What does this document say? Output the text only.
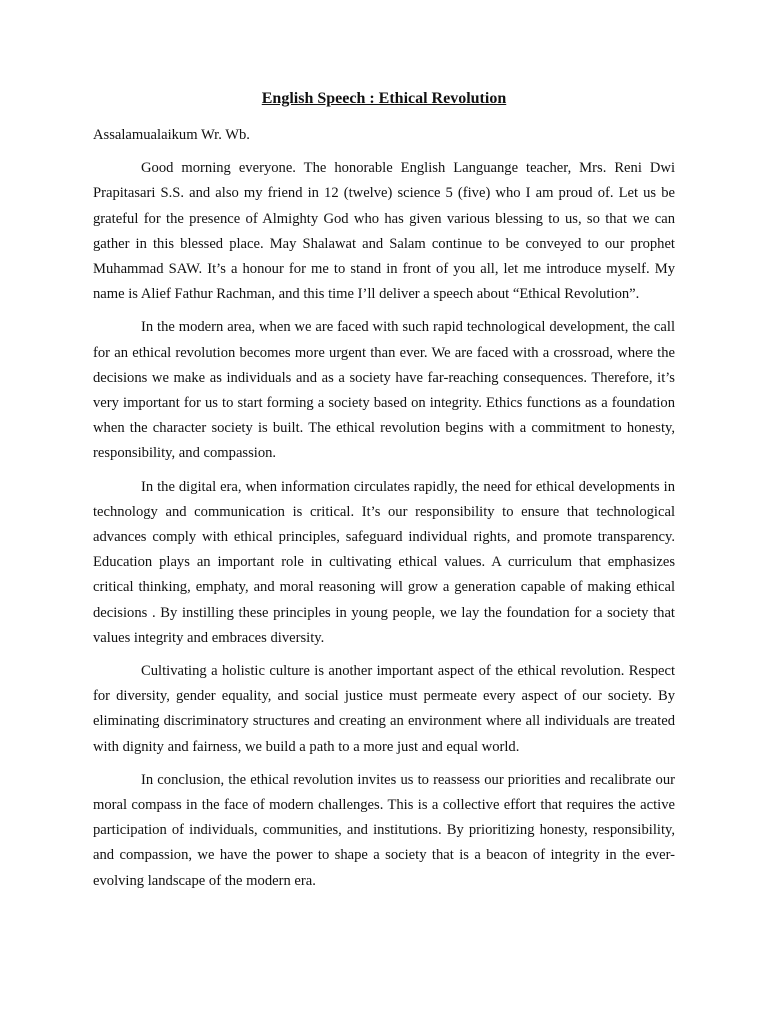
English Speech : Ethical Revolution
Assalamualaikum Wr. Wb.

Good morning everyone. The honorable English Languange teacher, Mrs. Reni Dwi Prapitasari S.S. and also my friend in 12 (twelve) science 5 (five) who I am proud of. Let us be grateful for the presence of Almighty God who has given various blessing to us, so that we can gather in this blessed place. May Shalawat and Salam continue to be conveyed to our prophet Muhammad SAW. It’s a honour for me to stand in front of you all, let me introduce myself. My name is Alief Fathur Rachman, and this time I’ll deliver a speech about “Ethical Revolution”.

In the modern area, when we are faced with such rapid technological development, the call for an ethical revolution becomes more urgent than ever. We are faced with a crossroad, where the decisions we make as individuals and as a society have far-reaching consequences. Therefore, it’s very important for us to start forming a society based on integrity. Ethics functions as a foundation when the character society is built. The ethical revolution begins with a commitment to honesty, responsibility, and compassion.

In the digital era, when information circulates rapidly, the need for ethical developments in technology and communication is critical. It’s our responsibility to ensure that technological advances comply with ethical principles, safeguard individual rights, and promote transparency. Education plays an important role in cultivating ethical values. A curriculum that emphasizes critical thinking, emphaty, and moral reasoning will grow a generation capable of making ethical decisions . By instilling these principles in young people, we lay the foundation for a society that values integrity and embraces diversity.

Cultivating a holistic culture is another important aspect of the ethical revolution. Respect for diversity, gender equality, and social justice must permeate every aspect of our society. By eliminating discriminatory structures and creating an environment where all individuals are treated with dignity and fairness, we build a path to a more just and equal world.

In conclusion, the ethical revolution invites us to reassess our priorities and recalibrate our moral compass in the face of modern challenges. This is a collective effort that requires the active participation of individuals, communities, and institutions. By prioritizing honesty, responsibility, and compassion, we have the power to shape a society that is a beacon of integrity in the ever-evolving landscape of the modern era.
